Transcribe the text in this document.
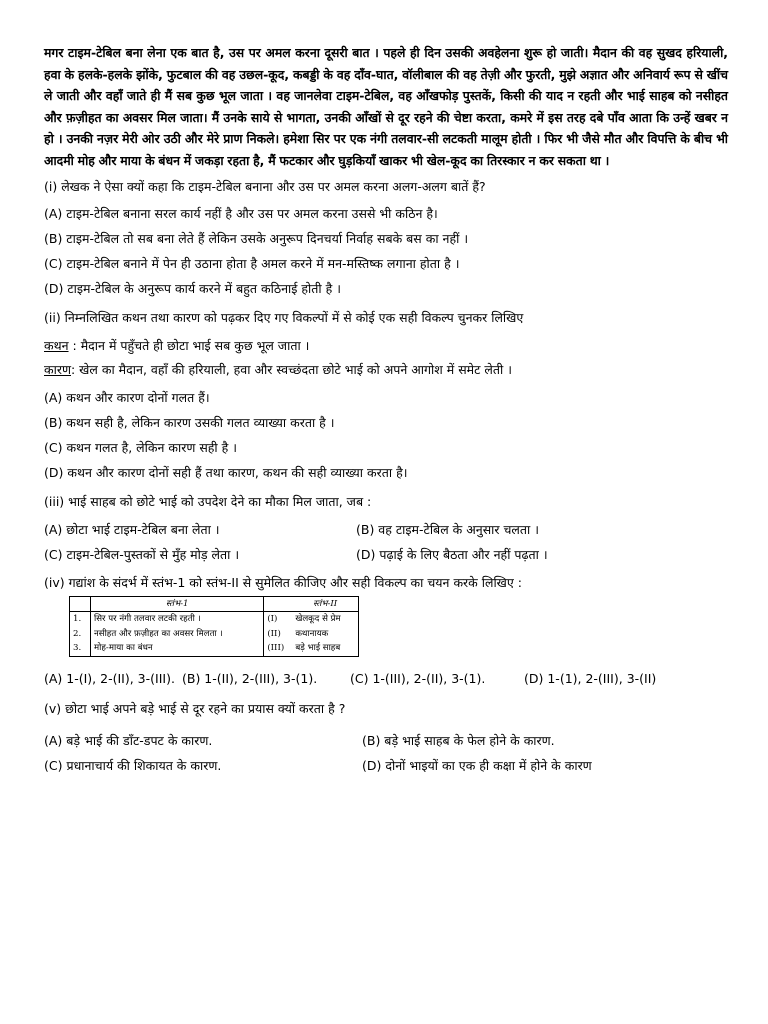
मगर टाइम-टेबिल बना लेना एक बात है, उस पर अमल करना दूसरी बात । पहले ही दिन उसकी अवहेलना शुरू हो जाती। मैदान की वह सुखद हरियाली, हवा के हलके-हलके झोंके, फुटबाल की वह उछल-कूद, कबड्डी के वह दाँव-घात, वॉलीबाल की वह तेज़ी और फुरती, मुझे अज्ञात और अनिवार्य रूप से खींच ले जाती और वहाँ जाते ही मैं सब कुछ भूल जाता । वह जानलेवा टाइम-टेबिल, वह आँखफोड़ पुस्तकें, किसी की याद न रहती और भाई साहब को नसीहत और फ़ज़ीहत का अवसर मिल जाता। मैं उनके साये से भागता, उनकी आँखों से दूर रहने की चेष्टा करता, कमरे में इस तरह दबे पाँव आता कि उन्हें खबर न हो । उनकी नज़र मेरी ओर उठी और मेरे प्राण निकले। हमेशा सिर पर एक नंगी तलवार-सी लटकती मालूम होती । फिर भी जैसे मौत और विपत्ति के बीच भी आदमी मोह और माया के बंधन में जकड़ा रहता है, मैं फटकार और घुड़कियाँ खाकर भी खेल-कूद का तिरस्कार न कर सकता था ।

(i) लेखक ने ऐसा क्यों कहा कि टाइम-टेबिल बनाना और उस पर अमल करना अलग-अलग बातें हैं?

(A) टाइम-टेबिल बनाना सरल कार्य नहीं है और उस पर अमल करना उससे भी कठिन है।

(B) टाइम-टेबिल तो सब बना लेते हैं लेकिन उसके अनुरूप दिनचर्या निर्वाह सबके बस का नहीं ।

(C) टाइम-टेबिल बनाने में पेन ही उठाना होता है अमल करने में मन-मस्तिष्क लगाना होता है ।

(D) टाइम-टेबिल के अनुरूप कार्य करने में बहुत कठिनाई होती है ।

(ii) निम्नलिखित कथन तथा कारण को पढ़कर दिए गए विकल्पों में से कोई एक सही विकल्प चुनकर लिखिए

कथन : मैदान में पहुँचते ही छोटा भाई सब कुछ भूल जाता ।

कारण: खेल का मैदान, वहाँ की हरियाली, हवा और स्वच्छंदता छोटे भाई को अपने आगोश में समेट लेती ।

(A) कथन और कारण दोनों गलत हैं।

(B) कथन सही है, लेकिन कारण उसकी गलत व्याख्या करता है ।

(C) कथन गलत है, लेकिन कारण सही है ।

(D) कथन और कारण दोनों सही हैं तथा कारण, कथन की सही व्याख्या करता है।

(iii) भाई साहब को छोटे भाई को उपदेश देने का मौका मिल जाता, जब :

(A) छोटा भाई टाइम-टेबिल बना लेता ।	(B) वह टाइम-टेबिल के अनुसार चलता ।

(C) टाइम-टेबिल-पुस्तकों से मुँह मोड़ लेता ।	(D) पढ़ाई के लिए बैठता और नहीं पढ़ता ।

(iv) गद्यांश के संदर्भ में स्तंभ-1 को स्तंभ-II से सुमेलित कीजिए और सही विकल्प का चयन करके लिखिए :

	स्तंभ-1		स्तंभ-II
1.	सिर पर नंगी तलवार लटकी रहती ।	(I)	खेलकूद से प्रेम
2.	नसीहत और फ़ज़ीहत का अवसर मिलता ।	(II)	कथानायक
3.	मोह-माया का बंधन	(III)	बड़े भाई साहब
(A) 1-(I), 2-(II), 3-(III). (B) 1-(II), 2-(III), 3-(1).	(C) 1-(III), 2-(II), 3-(1).	(D) 1-(1), 2-(III), 3-(II)

(v) छोटा भाई अपने बड़े भाई से दूर रहने का प्रयास क्यों करता है ?

(A) बड़े भाई की डाँट-डपट के कारण.	(B) बड़े भाई साहब के फेल होने के कारण.

(C) प्रधानाचार्य की शिकायत के कारण.	(D) दोनों भाइयों का एक ही कक्षा में होने के कारण
